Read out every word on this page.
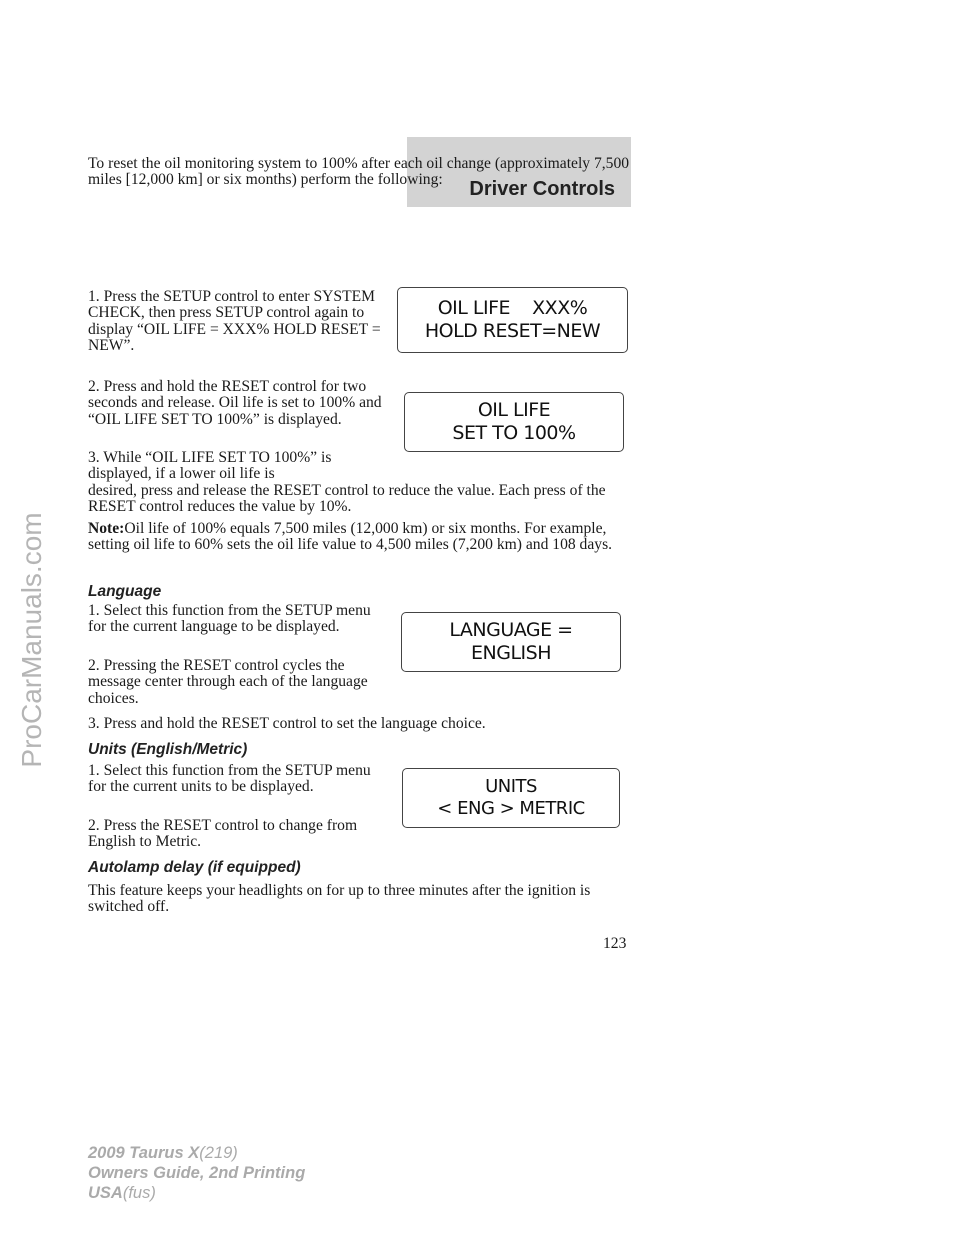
Driver Controls
ProCarManuals.com

To reset the oil monitoring system to 100% after each oil change (approximately 7,500 miles [12,000 km] or six months) perform the following:

1. Press the SETUP control to enter SYSTEM CHECK, then press SETUP control again to display “OIL LIFE = XXX% HOLD RESET = NEW”.

OIL LIFE    XXX%
HOLD RESET=NEW

2. Press and hold the RESET control for two seconds and release. Oil life is set to 100% and “OIL LIFE SET TO 100%” is displayed.	OIL LIFE
SET TO 100%

3. While “OIL LIFE SET TO 100%” is displayed, if a lower oil life is

desired, press and release the RESET control to reduce the value. Each press of the RESET control reduces the value by 10%.

Note:Oil life of 100% equals 7,500 miles (12,000 km) or six months. For example, setting oil life to 60% sets the oil life value to 4,500 miles (7,200 km) and 108 days.

Language

1. Select this function from the SETUP menu for the current language to be displayed.

2. Pressing the RESET control cycles the message center through each of the language choices.

LANGUAGE =
ENGLISH

3. Press and hold the RESET control to set the language choice.

Units (English/Metric)

1. Select this function from the SETUP menu for the current units to be displayed.

2. Press the RESET control to change from English to Metric.

UNITS
< ENG > METRIC
Autolamp delay (if equipped)

This feature keeps your headlights on for up to three minutes after the ignition is switched off.

123
2009 Taurus X(219)
Owners Guide, 2nd Printing
USA(fus)
